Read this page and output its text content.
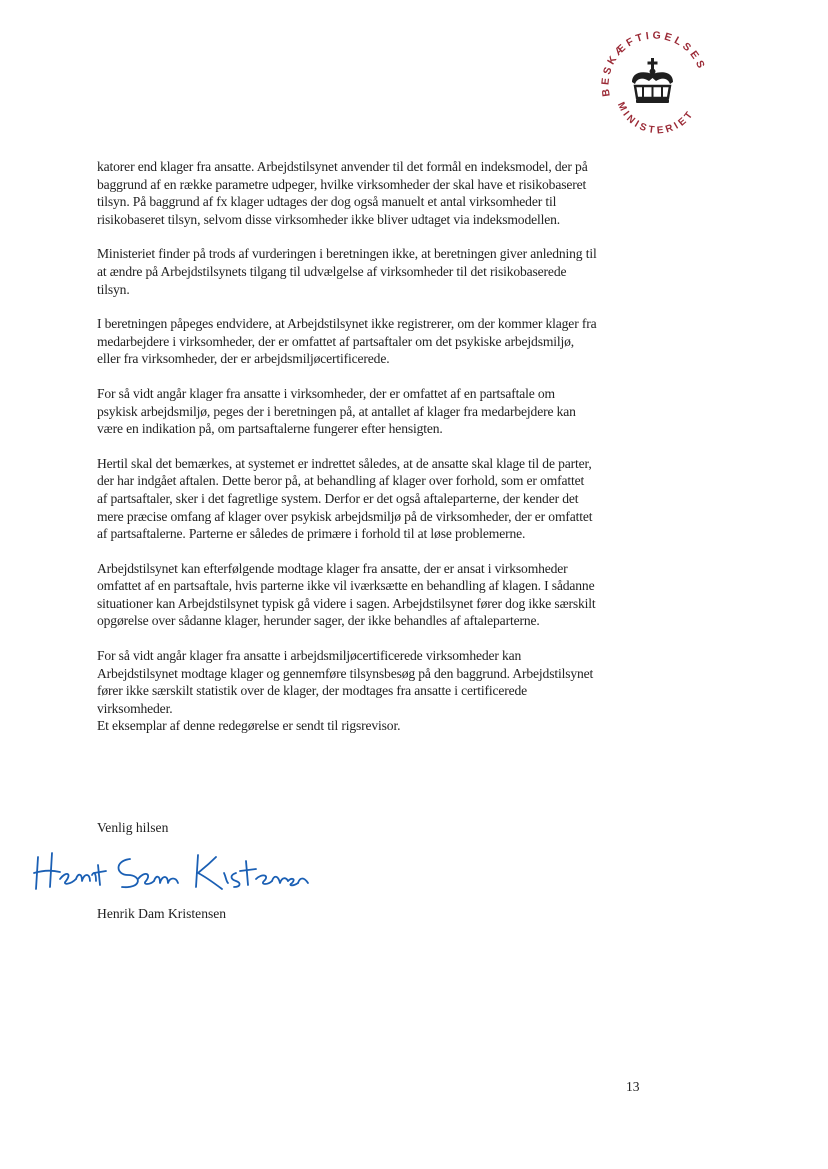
BESKÆFTIGELSES
MINISTERIET

katorer end klager fra ansatte. Arbejdstilsynet anvender til det formål en indeksmodel, der på baggrund af en række parametre udpeger, hvilke virksomheder der skal have et risikobaseret tilsyn. På baggrund af fx klager udtages der dog også manuelt et antal virksomheder til risikobaseret tilsyn, selvom disse virksomheder ikke bliver udtaget via indeksmodellen.

Ministeriet finder på trods af vurderingen i beretningen ikke, at beretningen giver anledning til at ændre på Arbejdstilsynets tilgang til udvælgelse af virksomheder til det risikobaserede tilsyn.

I beretningen påpeges endvidere, at Arbejdstilsynet ikke registrerer, om der kommer klager fra medarbejdere i virksomheder, der er omfattet af partsaftaler om det psykiske arbejdsmiljø, eller fra virksomheder, der er arbejdsmiljøcertificerede.

For så vidt angår klager fra ansatte i virksomheder, der er omfattet af en partsaftale om psykisk arbejdsmiljø, peges der i beretningen på, at antallet af klager fra medarbejdere kan være en indikation på, om partsaftalerne fungerer efter hensigten.

Hertil skal det bemærkes, at systemet er indrettet således, at de ansatte skal klage til de parter, der har indgået aftalen. Dette beror på, at behandling af klager over forhold, som er omfattet af partsaftaler, sker i det fagretlige system. Derfor er det også aftaleparterne, der kender det mere præcise omfang af klager over psykisk arbejdsmiljø på de virksomheder, der er omfattet af partsaftalerne. Parterne er således de primære i forhold til at løse problemerne.

Arbejdstilsynet kan efterfølgende modtage klager fra ansatte, der er ansat i virksomheder omfattet af en partsaftale, hvis parterne ikke vil iværksætte en behandling af klagen. I sådanne situationer kan Arbejdstilsynet typisk gå videre i sagen. Arbejdstilsynet fører dog ikke særskilt opgørelse over sådanne klager, herunder sager, der ikke behandles af aftaleparterne.

For så vidt angår klager fra ansatte i arbejdsmiljøcertificerede virksomheder kan Arbejdstilsynet modtage klager og gennemføre tilsynsbesøg på den baggrund. Arbejdstilsynet fører ikke særskilt statistik over de klager, der modtages fra ansatte i certificerede virksomheder.

Et eksemplar af denne redegørelse er sendt til rigsrevisor.

Venlig hilsen
Henrik Dam Kristensen
13
